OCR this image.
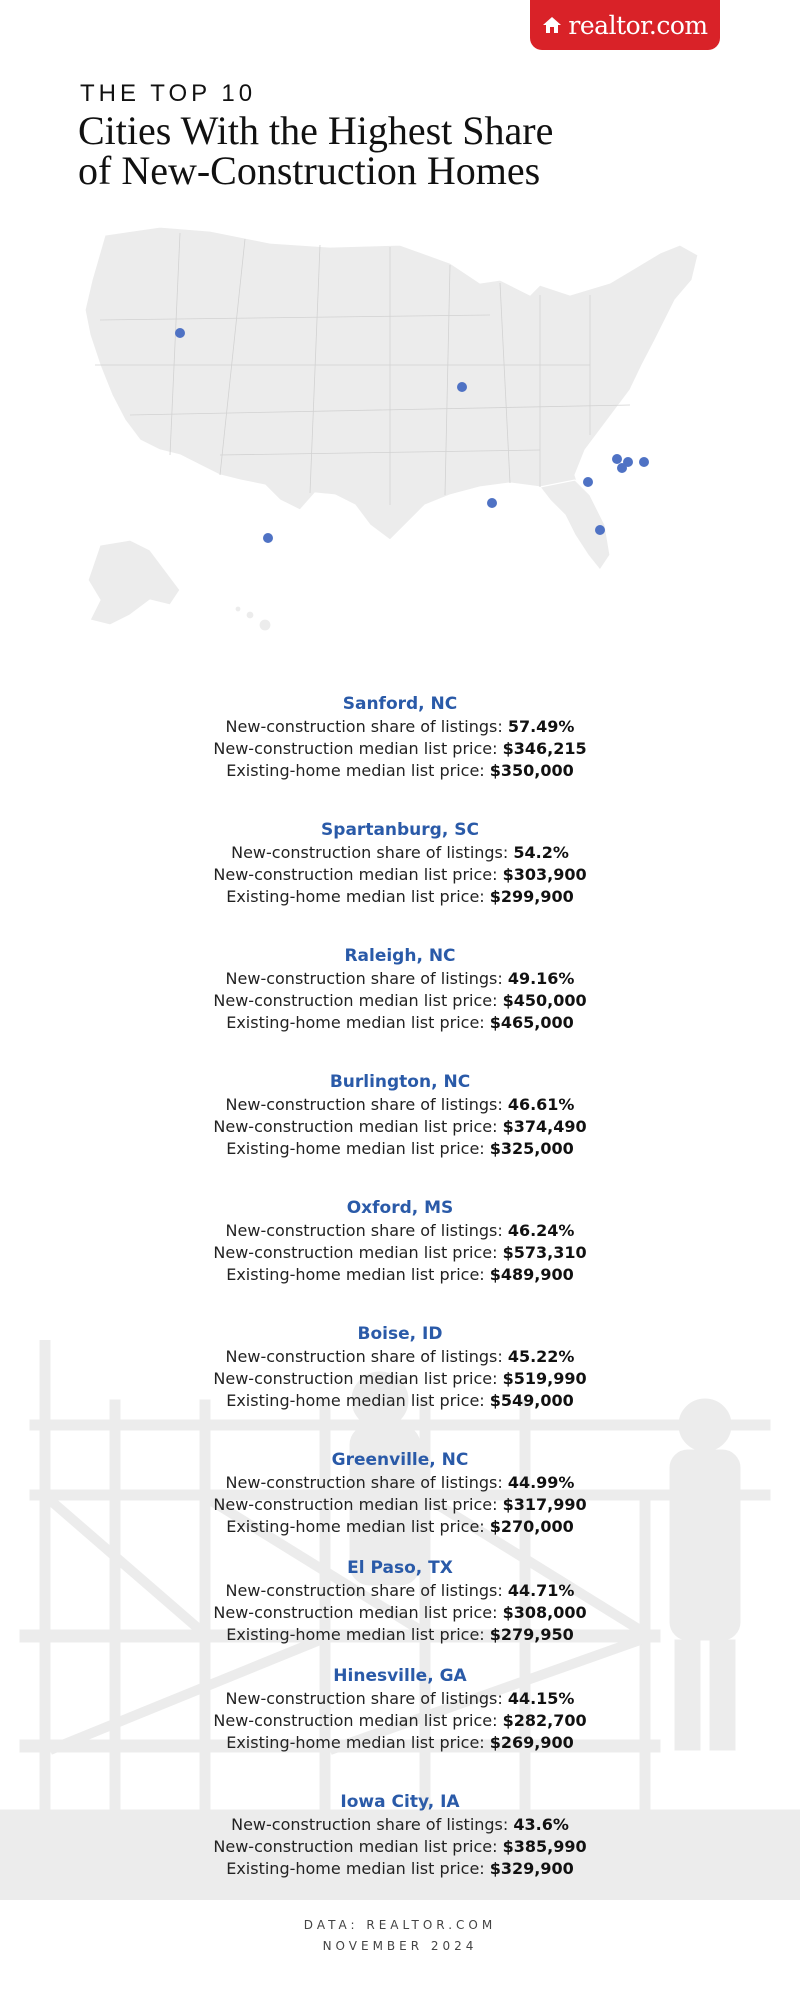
realtor.com
THE TOP 10
Cities With the Highest Share
of New-Construction Homes
Sanford, NC
New-construction share of listings: 57.49%
New-construction median list price: $346,215
Existing-home median list price: $350,000
Spartanburg, SC
New-construction share of listings: 54.2%
New-construction median list price: $303,900
Existing-home median list price: $299,900
Raleigh, NC
New-construction share of listings: 49.16%
New-construction median list price: $450,000
Existing-home median list price: $465,000
Burlington, NC
New-construction share of listings: 46.61%
New-construction median list price: $374,490
Existing-home median list price: $325,000
Oxford, MS
New-construction share of listings: 46.24%
New-construction median list price: $573,310
Existing-home median list price: $489,900
Boise, ID
New-construction share of listings: 45.22%
New-construction median list price: $519,990
Existing-home median list price: $549,000
Greenville, NC
New-construction share of listings: 44.99%
New-construction median list price: $317,990
Existing-home median list price: $270,000
El Paso, TX
New-construction share of listings: 44.71%
New-construction median list price: $308,000
Existing-home median list price: $279,950
Hinesville, GA
New-construction share of listings: 44.15%
New-construction median list price: $282,700
Existing-home median list price: $269,900
Iowa City, IA
New-construction share of listings: 43.6%
New-construction median list price: $385,990
Existing-home median list price: $329,900
DATA: REALTOR.COM
NOVEMBER 2024
